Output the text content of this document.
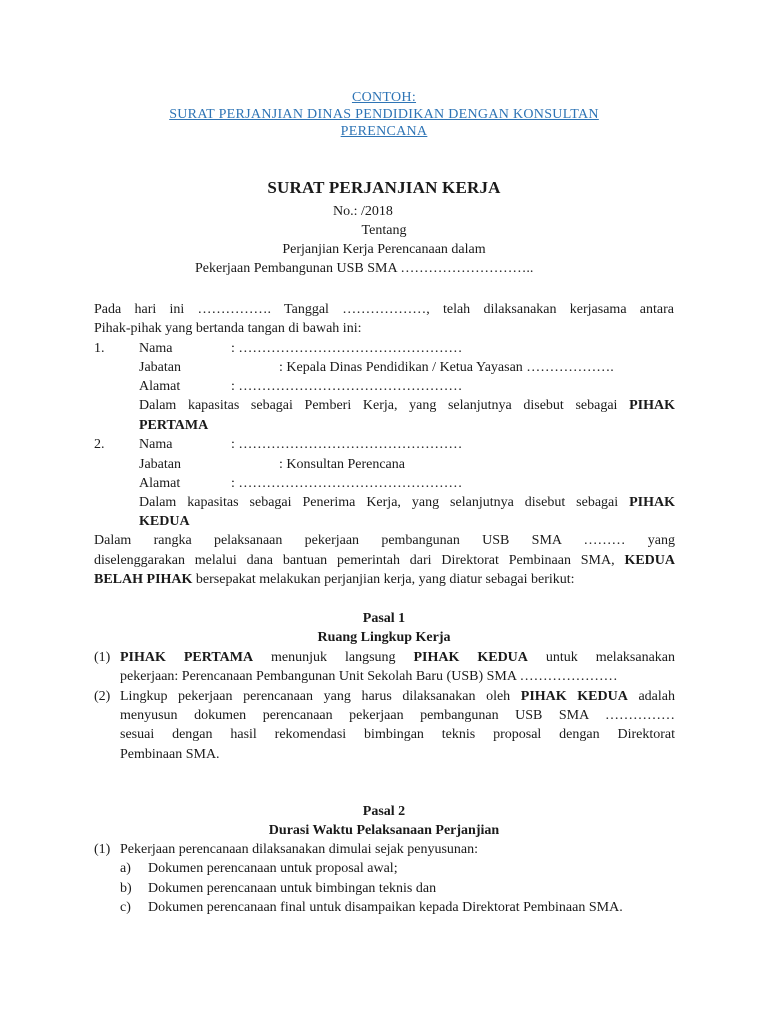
CONTOH:
SURAT PERJANJIAN DINAS PENDIDIKAN DENGAN KONSULTAN
PERENCANA
SURAT PERJANJIAN KERJA
No.: /2018
Tentang
Perjanjian Kerja Perencanaan dalam
Pekerjaan Pembangunan USB SMA ………………………..
Pada hari ini ……………. Tanggal ………………, telah dilaksanakan kerjasama antara
Pihak-pihak yang bertanda tangan di bawah ini:
1. Nama	: …………………………………………
Jabatan	: Kepala Dinas Pendidikan / Ketua Yayasan ……………….
Alamat	: …………………………………………
Dalam kapasitas sebagai Pemberi Kerja, yang selanjutnya disebut sebagai PIHAK
PERTAMA
2. Nama	: …………………………………………
Jabatan	: Konsultan Perencana
Alamat	: …………………………………………
Dalam kapasitas sebagai Penerima Kerja, yang selanjutnya disebut sebagai PIHAK
KEDUA
Dalam rangka pelaksanaan pekerjaan pembangunan USB SMA ……… yang
diselenggarakan melalui dana bantuan pemerintah dari Direktorat Pembinaan SMA, KEDUA
BELAH PIHAK bersepakat melakukan perjanjian kerja, yang diatur sebagai berikut:
Pasal 1
Ruang Lingkup Kerja
(1) PIHAK PERTAMA menunjuk langsung PIHAK KEDUA untuk melaksanakan
pekerjaan: Perencanaan Pembangunan Unit Sekolah Baru (USB) SMA …………………
(2) Lingkup pekerjaan perencanaan yang harus dilaksanakan oleh PIHAK KEDUA adalah
menyusun dokumen perencanaan pekerjaan pembangunan USB SMA ……………
sesuai dengan hasil rekomendasi bimbingan teknis proposal dengan Direktorat
Pembinaan SMA.
Pasal 2
Durasi Waktu Pelaksanaan Perjanjian
(1) Pekerjaan perencanaan dilaksanakan dimulai sejak penyusunan:
a) Dokumen perencanaan untuk proposal awal;
b) Dokumen perencanaan untuk bimbingan teknis dan
c) Dokumen perencanaan final untuk disampaikan kepada Direktorat Pembinaan SMA.
